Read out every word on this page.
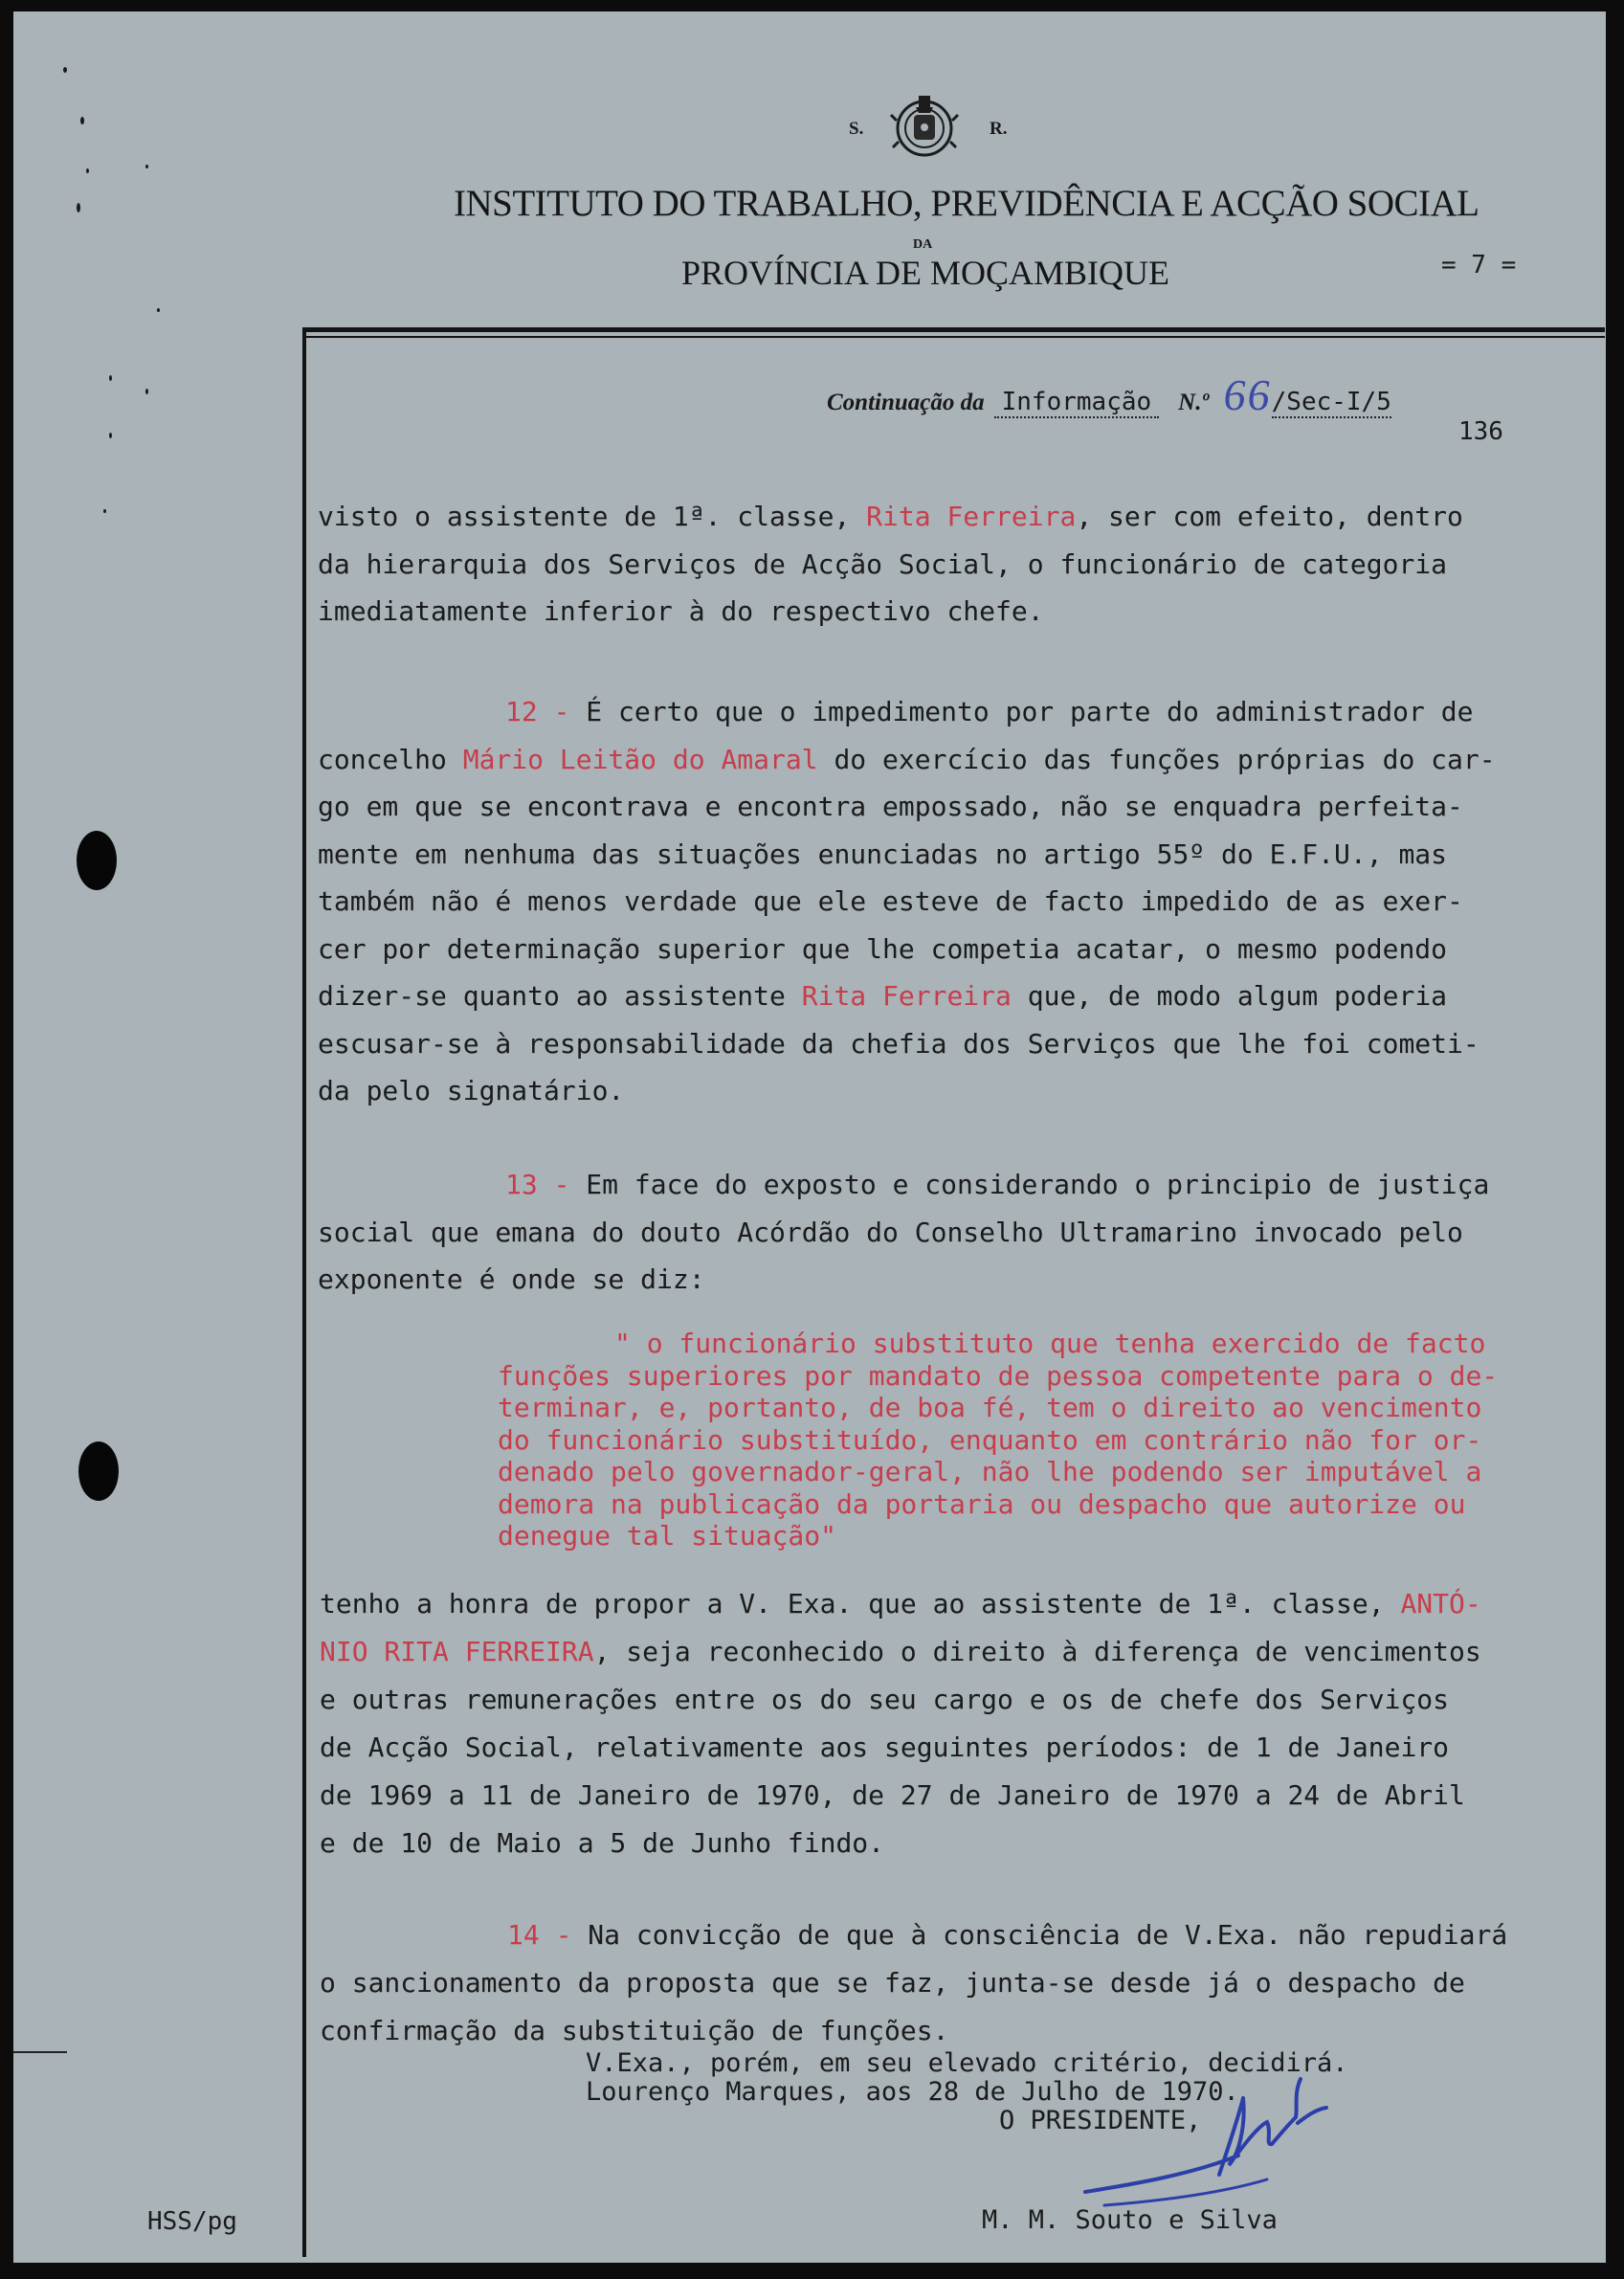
S.	R.
INSTITUTO DO TRABALHO, PREVIDÊNCIA E ACÇÃO SOCIAL
DA
PROVÍNCIA DE MOÇAMBIQUE	= 7 =
Continuação da Informação N.º 66/Sec-I/5
136
visto o assistente de 1ª. classe, Rita Ferreira, ser com efeito, dentro
da hierarquia dos Serviços de Acção Social, o funcionário de categoria
imediatamente inferior à do respectivo chefe.
12 - É certo que o impedimento por parte do administrador de
concelho Mário Leitão do Amaral do exercício das funções próprias do car-
go em que se encontrava e encontra empossado, não se enquadra perfeita-
mente em nenhuma das situações enunciadas no artigo 55º do E.F.U., mas
também não é menos verdade que ele esteve de facto impedido de as exer-
cer por determinação superior que lhe competia acatar, o mesmo podendo
dizer-se quanto ao assistente Rita Ferreira que, de modo algum poderia
escusar-se à responsabilidade da chefia dos Serviços que lhe foi cometi-
da pelo signatário.
13 - Em face do exposto e considerando o principio de justiça
social que emana do douto Acórdão do Conselho Ultramarino invocado pelo
exponente é onde se diz:
tenho a honra de propor a V. Exa. que ao assistente de 1ª. classe, ANTÓ-
NIO RITA FERREIRA, seja reconhecido o direito à diferença de vencimentos
e outras remunerações entre os do seu cargo e os de chefe dos Serviços
de Acção Social, relativamente aos seguintes períodos: de 1 de Janeiro
de 1969 a 11 de Janeiro de 1970, de 27 de Janeiro de 1970 a 24 de Abril
e de 10 de Maio a 5 de Junho findo.
14 - Na convicção de que à consciência de V.Exa. não repudiará
o sancionamento da proposta que se faz, junta-se desde já o despacho de
confirmação da substituição de funções.
" o funcionário substituto que tenha exercido de facto
funções superiores por mandato de pessoa competente para o de-
terminar, e, portanto, de boa fé, tem o direito ao vencimento
do funcionário substituído, enquanto em contrário não for or-
denado pelo governador-geral, não lhe podendo ser imputável a
demora na publicação da portaria ou despacho que autorize ou
denegue tal situação"
V.Exa., porém, em seu elevado critério, decidirá.
Lourenço Marques, aos 28 de Julho de 1970.
O PRESIDENTE,
HSS/pg	M. M. Souto e Silva
